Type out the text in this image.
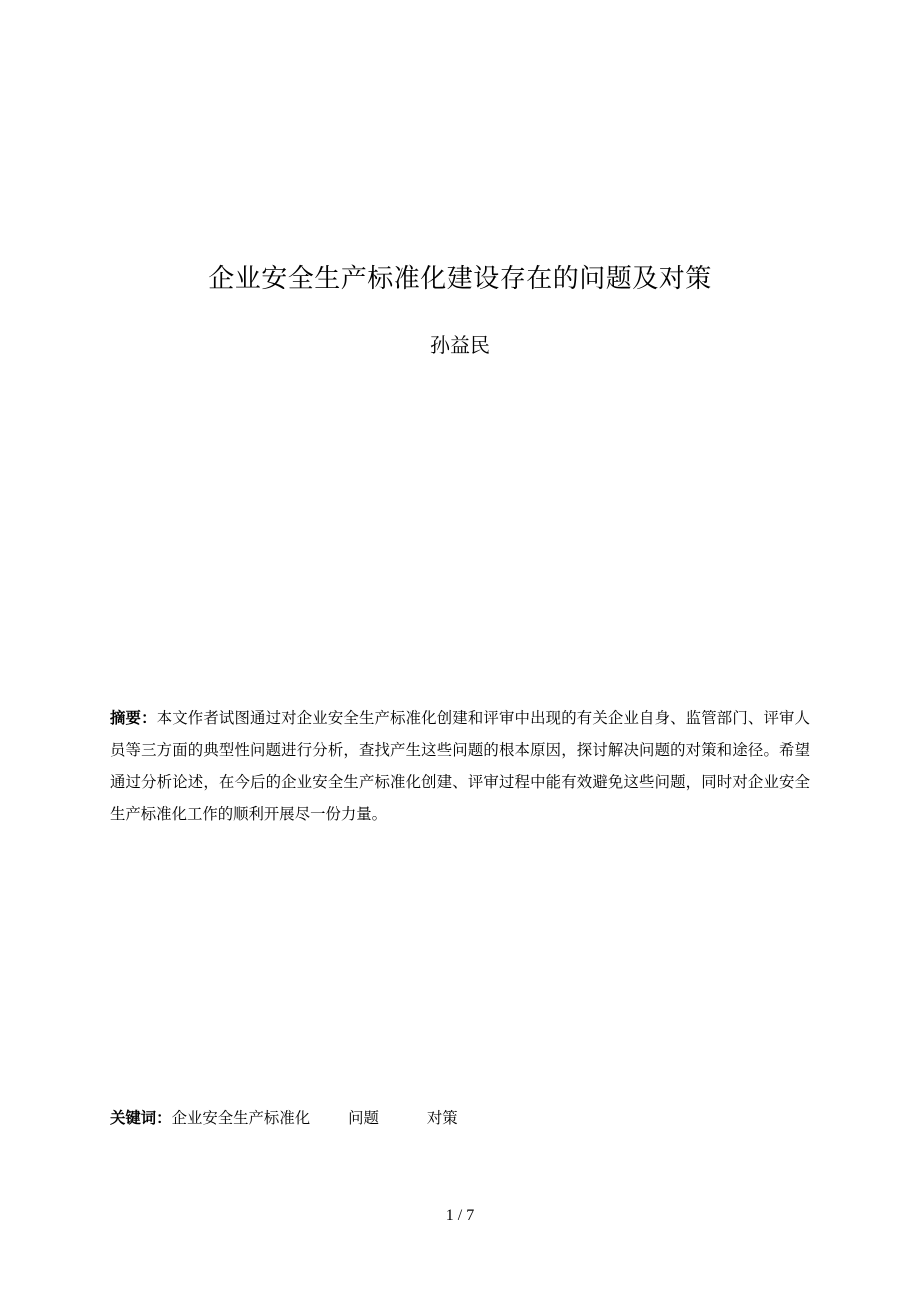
企业安全生产标准化建设存在的问题及对策
孙益民
摘要：本文作者试图通过对企业安全生产标准化创建和评审中出现的有关企业自身、监管部门、评审人员等三方面的典型性问题进行分析，查找产生这些问题的根本原因，探讨解决问题的对策和途径。希望通过分析论述，在今后的企业安全生产标准化创建、评审过程中能有效避免这些问题，同时对企业安全生产标准化工作的顺利开展尽一份力量。
关键词：企业安全生产标准化 问题	对策
1 / 7
